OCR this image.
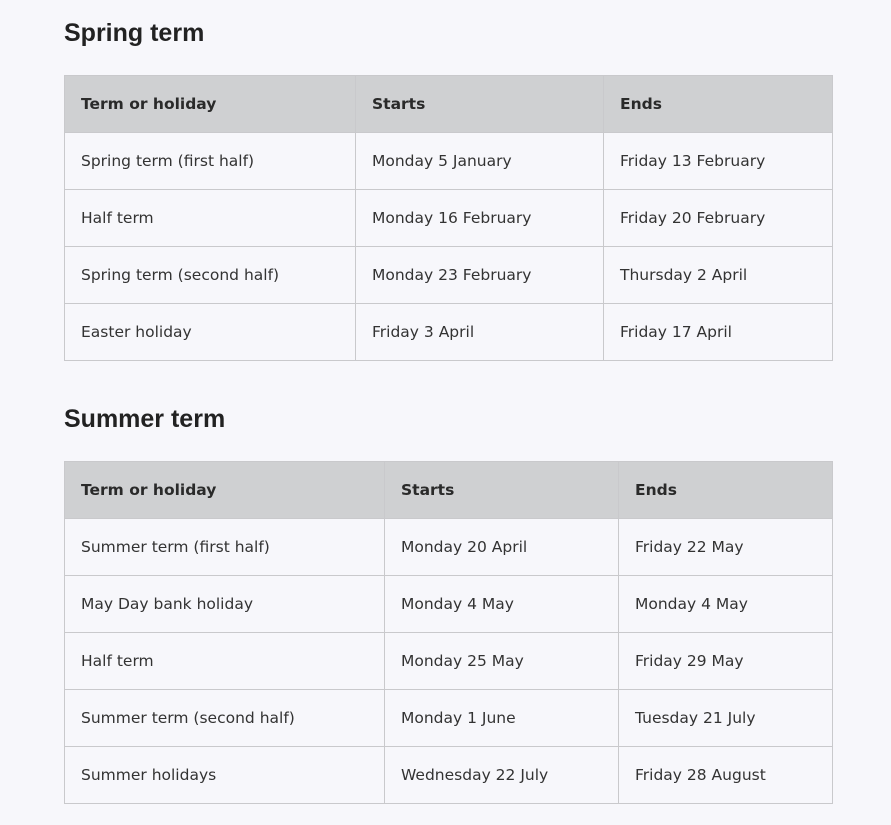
Spring term
Term or holiday	Starts	Ends
Spring term (first half)	Monday 5 January	Friday 13 February
Half term	Monday 16 February	Friday 20 February
Spring term (second half)	Monday 23 February	Thursday 2 April
Easter holiday	Friday 3 April	Friday 17 April
Summer term
Term or holiday	Starts	Ends
Summer term (first half)	Monday 20 April	Friday 22 May
May Day bank holiday	Monday 4 May	Monday 4 May
Half term	Monday 25 May	Friday 29 May
Summer term (second half)	Monday 1 June	Tuesday 21 July
Summer holidays	Wednesday 22 July	Friday 28 August
